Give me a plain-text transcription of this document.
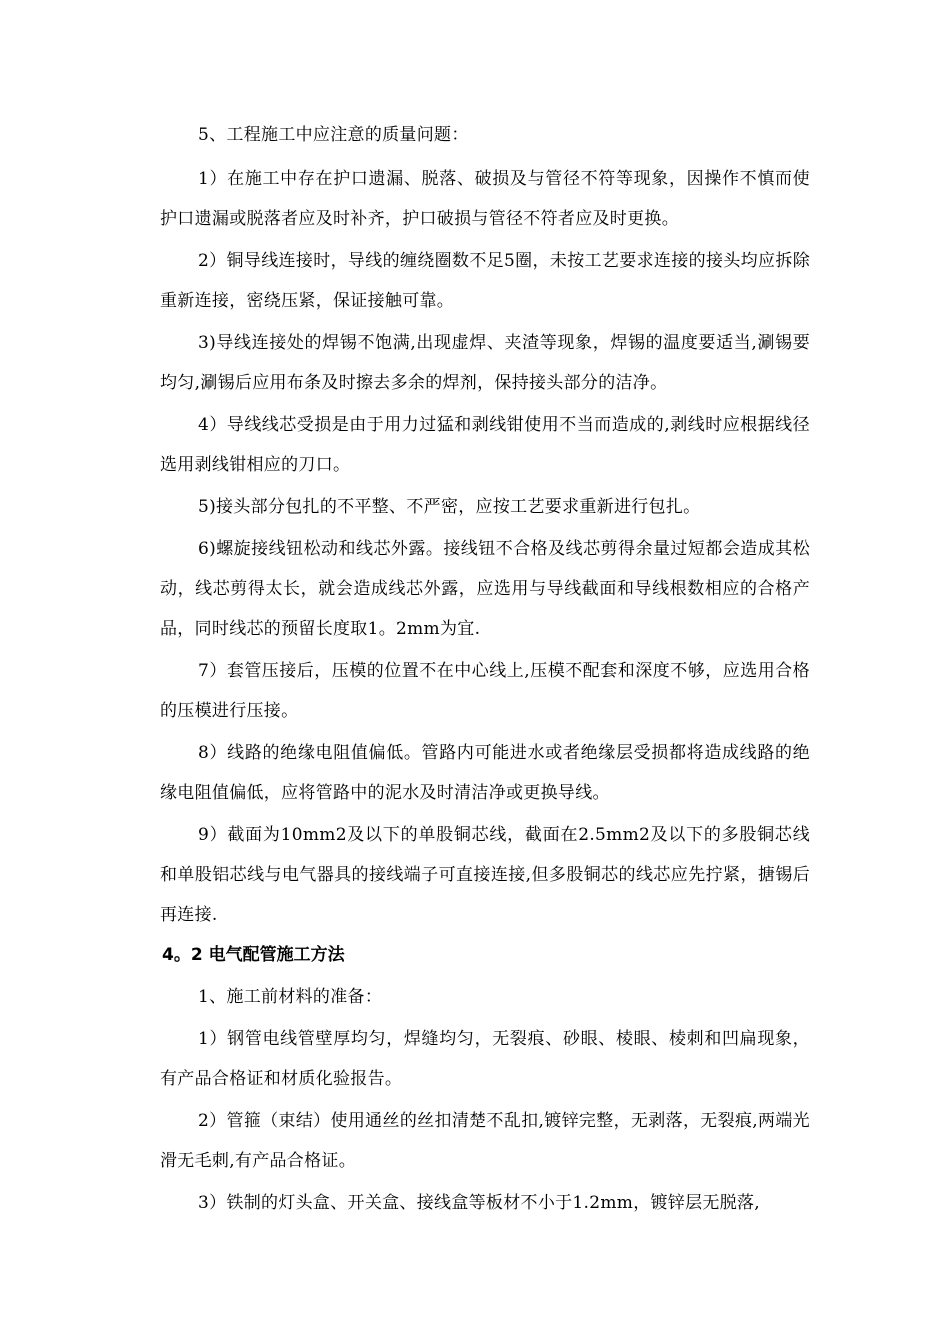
5、工程施工中应注意的质量问题：

1）在施工中存在护口遗漏、脱落、破损及与管径不符等现象，因操作不慎而使护口遗漏或脱落者应及时补齐，护口破损与管径不符者应及时更换。

2）铜导线连接时，导线的缠绕圈数不足5圈，未按工艺要求连接的接头均应拆除重新连接，密绕压紧，保证接触可靠。

3)导线连接处的焊锡不饱满,出现虚焊、夹渣等现象，焊锡的温度要适当,涮锡要均匀,涮锡后应用布条及时擦去多余的焊剂，保持接头部分的洁净。

4）导线线芯受损是由于用力过猛和剥线钳使用不当而造成的,剥线时应根据线径选用剥线钳相应的刀口。

5)接头部分包扎的不平整、不严密，应按工艺要求重新进行包扎。

6)螺旋接线钮松动和线芯外露。接线钮不合格及线芯剪得余量过短都会造成其松动，线芯剪得太长，就会造成线芯外露，应选用与导线截面和导线根数相应的合格产品，同时线芯的预留长度取1。2mm为宜.

7）套管压接后，压模的位置不在中心线上,压模不配套和深度不够，应选用合格的压模进行压接。

8）线路的绝缘电阻值偏低。管路内可能进水或者绝缘层受损都将造成线路的绝缘电阻值偏低，应将管路中的泥水及时清洁净或更换导线。

9）截面为10mm2及以下的单股铜芯线，截面在2.5mm2及以下的多股铜芯线和单股铝芯线与电气器具的接线端子可直接连接,但多股铜芯的线芯应先拧紧，搪锡后再连接.

4。2 电气配管施工方法

1、施工前材料的准备：

1）钢管电线管壁厚均匀，焊缝均匀，无裂痕、砂眼、棱眼、棱刺和凹扁现象，有产品合格证和材质化验报告。

2）管箍（束结）使用通丝的丝扣清楚不乱扣,镀锌完整，无剥落，无裂痕,两端光滑无毛刺,有产品合格证。

3）铁制的灯头盒、开关盒、接线盒等板材不小于1.2mm，镀锌层无脱落,
